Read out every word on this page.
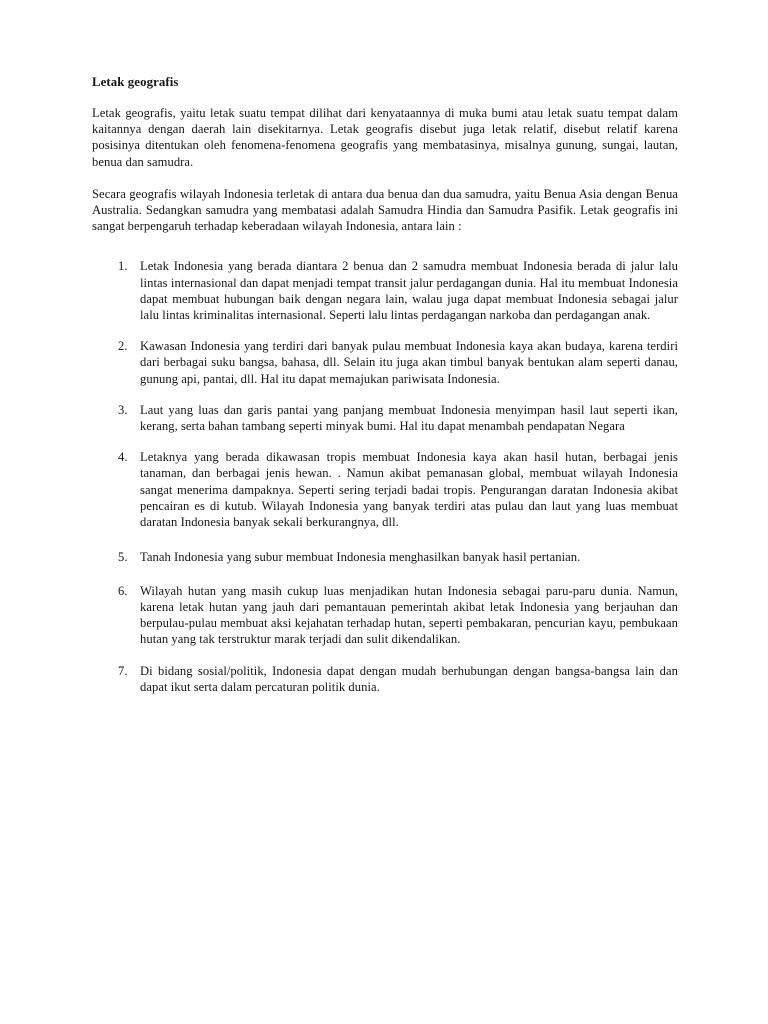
Letak geografis

Letak geografis, yaitu letak suatu tempat dilihat dari kenyataannya di muka bumi atau letak suatu tempat dalam kaitannya dengan daerah lain disekitarnya. Letak geografis disebut juga letak relatif, disebut relatif karena posisinya ditentukan oleh fenomena-fenomena geografis yang membatasinya, misalnya gunung, sungai, lautan, benua dan samudra.

Secara geografis wilayah Indonesia terletak di antara dua benua dan dua samudra, yaitu Benua Asia dengan Benua Australia. Sedangkan samudra yang membatasi adalah Samudra Hindia dan Samudra Pasifik. Letak geografis ini sangat berpengaruh terhadap keberadaan wilayah Indonesia, antara lain :

1. Letak Indonesia yang berada diantara 2 benua dan 2 samudra membuat Indonesia berada di jalur lalu lintas internasional dan dapat menjadi tempat transit jalur perdagangan dunia. Hal itu membuat Indonesia dapat membuat hubungan baik dengan negara lain, walau juga dapat membuat Indonesia sebagai jalur lalu lintas kriminalitas internasional. Seperti lalu lintas perdagangan narkoba dan perdagangan anak.
2. Kawasan Indonesia yang terdiri dari banyak pulau membuat Indonesia kaya akan budaya, karena terdiri dari berbagai suku bangsa, bahasa, dll. Selain itu juga akan timbul banyak bentukan alam seperti danau, gunung api, pantai, dll. Hal itu dapat memajukan pariwisata Indonesia.
3. Laut yang luas dan garis pantai yang panjang membuat Indonesia menyimpan hasil laut seperti ikan, kerang, serta bahan tambang seperti minyak bumi. Hal itu dapat menambah pendapatan Negara
4. Letaknya yang berada dikawasan tropis membuat Indonesia kaya akan hasil hutan, berbagai jenis tanaman, dan berbagai jenis hewan. . Namun akibat pemanasan global, membuat wilayah Indonesia sangat menerima dampaknya. Seperti sering terjadi badai tropis. Pengurangan daratan Indonesia akibat pencairan es di kutub. Wilayah Indonesia yang banyak terdiri atas pulau dan laut yang luas membuat daratan Indonesia banyak sekali berkurangnya, dll.
5. Tanah Indonesia yang subur membuat Indonesia menghasilkan banyak hasil pertanian.
6. Wilayah hutan yang masih cukup luas menjadikan hutan Indonesia sebagai paru-paru dunia. Namun, karena letak hutan yang jauh dari pemantauan pemerintah akibat letak Indonesia yang berjauhan dan berpulau-pulau membuat aksi kejahatan terhadap hutan, seperti pembakaran, pencurian kayu, pembukaan hutan yang tak terstruktur marak terjadi dan sulit dikendalikan.
7. Di bidang sosial/politik, Indonesia dapat dengan mudah berhubungan dengan bangsa-bangsa lain dan dapat ikut serta dalam percaturan politik dunia.
